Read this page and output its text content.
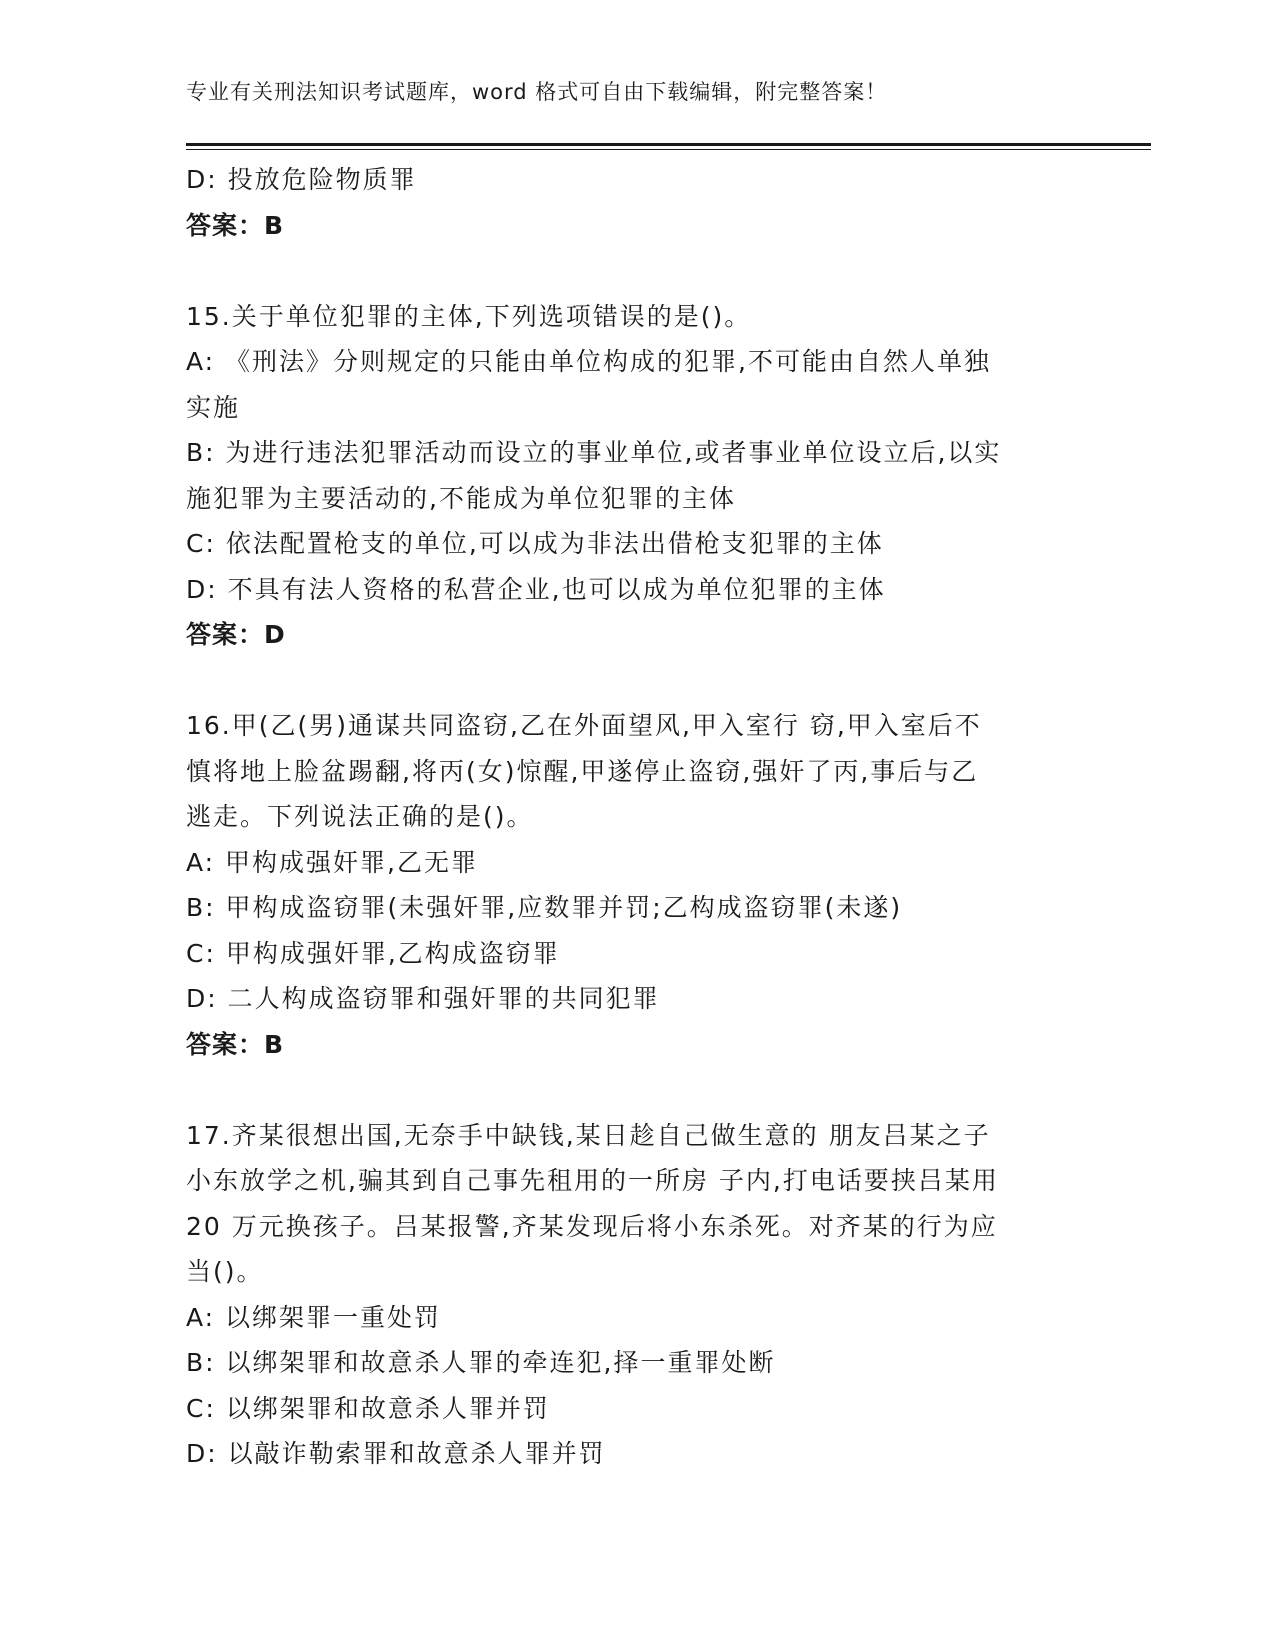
专业有关刑法知识考试题库，word 格式可自由下载编辑，附完整答案！

D: 投放危险物质罪

答案：B

15.关于单位犯罪的主体,下列选项错误的是()。

A: 《刑法》分则规定的只能由单位构成的犯罪,不可能由自然人单独

实施

B: 为进行违法犯罪活动而设立的事业单位,或者事业单位设立后,以实

施犯罪为主要活动的,不能成为单位犯罪的主体

C: 依法配置枪支的单位,可以成为非法出借枪支犯罪的主体

D: 不具有法人资格的私营企业,也可以成为单位犯罪的主体

答案：D

16.甲(乙(男)通谋共同盗窃,乙在外面望风,甲入室行 窃,甲入室后不

慎将地上脸盆踢翻,将丙(女)惊醒,甲遂停止盗窃,强奸了丙,事后与乙

逃走。下列说法正确的是()。

A: 甲构成强奸罪,乙无罪

B: 甲构成盗窃罪(未强奸罪,应数罪并罚;乙构成盗窃罪(未遂)

C: 甲构成强奸罪,乙构成盗窃罪

D: 二人构成盗窃罪和强奸罪的共同犯罪

答案：B

17.齐某很想出国,无奈手中缺钱,某日趁自己做生意的 朋友吕某之子

小东放学之机,骗其到自己事先租用的一所房 子内,打电话要挟吕某用

20 万元换孩子。吕某报警,齐某发现后将小东杀死。对齐某的行为应

当()。

A: 以绑架罪一重处罚

B: 以绑架罪和故意杀人罪的牵连犯,择一重罪处断

C: 以绑架罪和故意杀人罪并罚

D: 以敲诈勒索罪和故意杀人罪并罚
